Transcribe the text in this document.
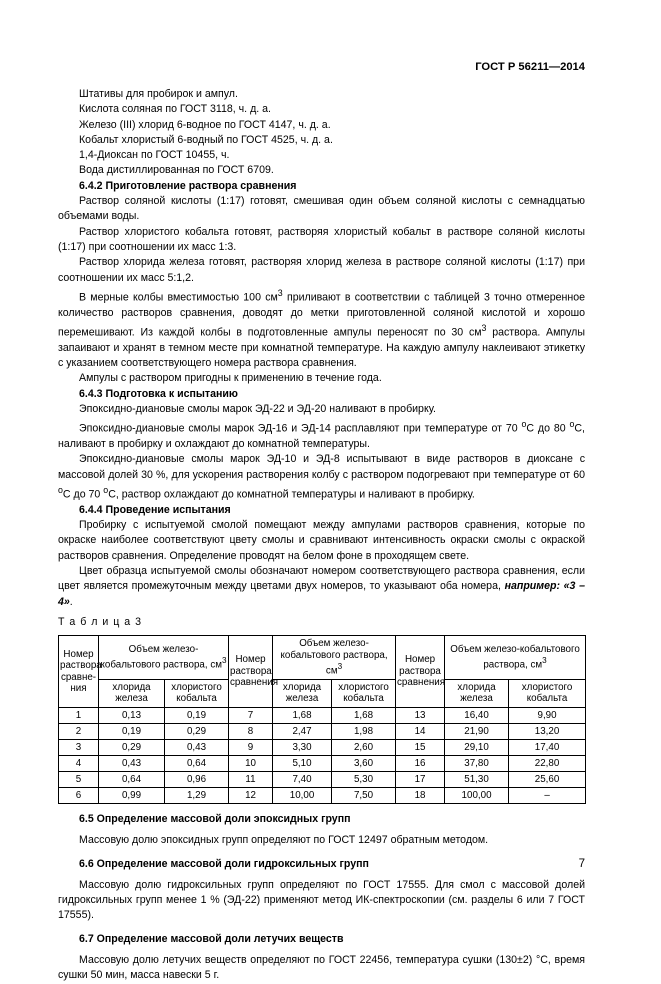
ГОСТ Р 56211—2014

Штативы для пробирок и ампул.

Кислота соляная по ГОСТ 3118, ч. д. а.

Железо (III) хлорид 6-водное по ГОСТ 4147, ч. д. а.

Кобальт хлористый 6-водный по ГОСТ 4525, ч. д. а.

1,4-Диоксан по ГОСТ 10455, ч.

Вода дистиллированная по ГОСТ 6709.

6.4.2 Приготовление раствора сравнения

Раствор соляной кислоты (1:17) готовят, смешивая один объем соляной кислоты с семнадцатью объемами воды.

Раствор хлористого кобальта готовят, растворяя хлористый кобальт в растворе соляной кислоты (1:17) при соотношении их масс 1:3.

Раствор хлорида железа готовят, растворяя хлорид железа в растворе соляной кислоты (1:17) при соотношении их масс 5:1,2.

В мерные колбы вместимостью 100 $см^3$ приливают в соответствии с таблицей 3 точно отмеренное количество растворов сравнения, доводят до метки приготовленной соляной кислотой и хорошо перемешивают. Из каждой колбы в подготовленные ампулы переносят по 30 $см^3$ раствора. Ампулы запаивают и хранят в темном месте при комнатной температуре. На каждую ампулу наклеивают этикетку с указанием соответствующего номера раствора сравнения.

Ампулы с раствором пригодны к применению в течение года.

6.4.3 Подготовка к испытанию

Эпоксидно-диановые смолы марок ЭД-22 и ЭД-20 наливают в пробирку.

Эпоксидно-диановые смолы марок ЭД-16 и ЭД-14 расплавляют при температуре от 70 $^о$С до 80 $^о$С, наливают в пробирку и охлаждают до комнатной температуры.

Эпоксидно-диановые смолы марок ЭД-10 и ЭД-8 испытывают в виде растворов в диоксане с массовой долей 30 %, для ускорения растворения колбу с раствором подогревают при температуре от 60 $^о$С до 70 $^о$С, раствор охлаждают до комнатной температуры и наливают в пробирку.

6.4.4 Проведение испытания

Пробирку с испытуемой смолой помещают между ампулами растворов сравнения, которые по окраске наиболее соответствуют цвету смолы и сравнивают интенсивность окраски смолы с окраской растворов сравнения. Определение проводят на белом фоне в проходящем свете.

Цвет образца испытуемой смолы обозначают номером соответствующего раствора сравнения, если цвет является промежуточным между цветами двух номеров, то указывают оба номера, например: «3 – 4».

Т а б л и ц а 3

Номер раствора сравне-ния	Объем железо-кобальтового раствора, $см^3$		Номер раствора сравнения	Объем железо-кобальтового раствора, $см^3$		Номер раствора сравнения	Объем железо-кобальтового раствора, $см^3$
	хлорида железа	хлористого кобальта		хлорида железа	хлористого кобальта		хлорида железа	хлористого кобальта
1	0,13	0,19	7	1,68	1,68	13	16,40	9,90
2	0,19	0,29	8	2,47	1,98	14	21,90	13,20
3	0,29	0,43	9	3,30	2,60	15	29,10	17,40
4	0,43	0,64	10	5,10	3,60	16	37,80	22,80
5	0,64	0,96	11	7,40	5,30	17	51,30	25,60
6	0,99	1,29	12	10,00	7,50	18	100,00	–

6.5 Определение массовой доли эпоксидных групп

Массовую долю эпоксидных групп определяют по ГОСТ 12497 обратным методом.

6.6 Определение массовой доли гидроксильных групп

Массовую долю гидроксильных групп определяют по ГОСТ 17555. Для смол с массовой долей гидроксильных групп менее 1 % (ЭД-22) применяют метод ИК-спектроскопии (см. разделы 6 или 7 ГОСТ 17555).

6.7 Определение массовой доли летучих веществ

Массовую долю летучих веществ определяют по ГОСТ 22456, температура сушки (130±2) °С, время сушки 50 мин, масса навески 5 г.

7
